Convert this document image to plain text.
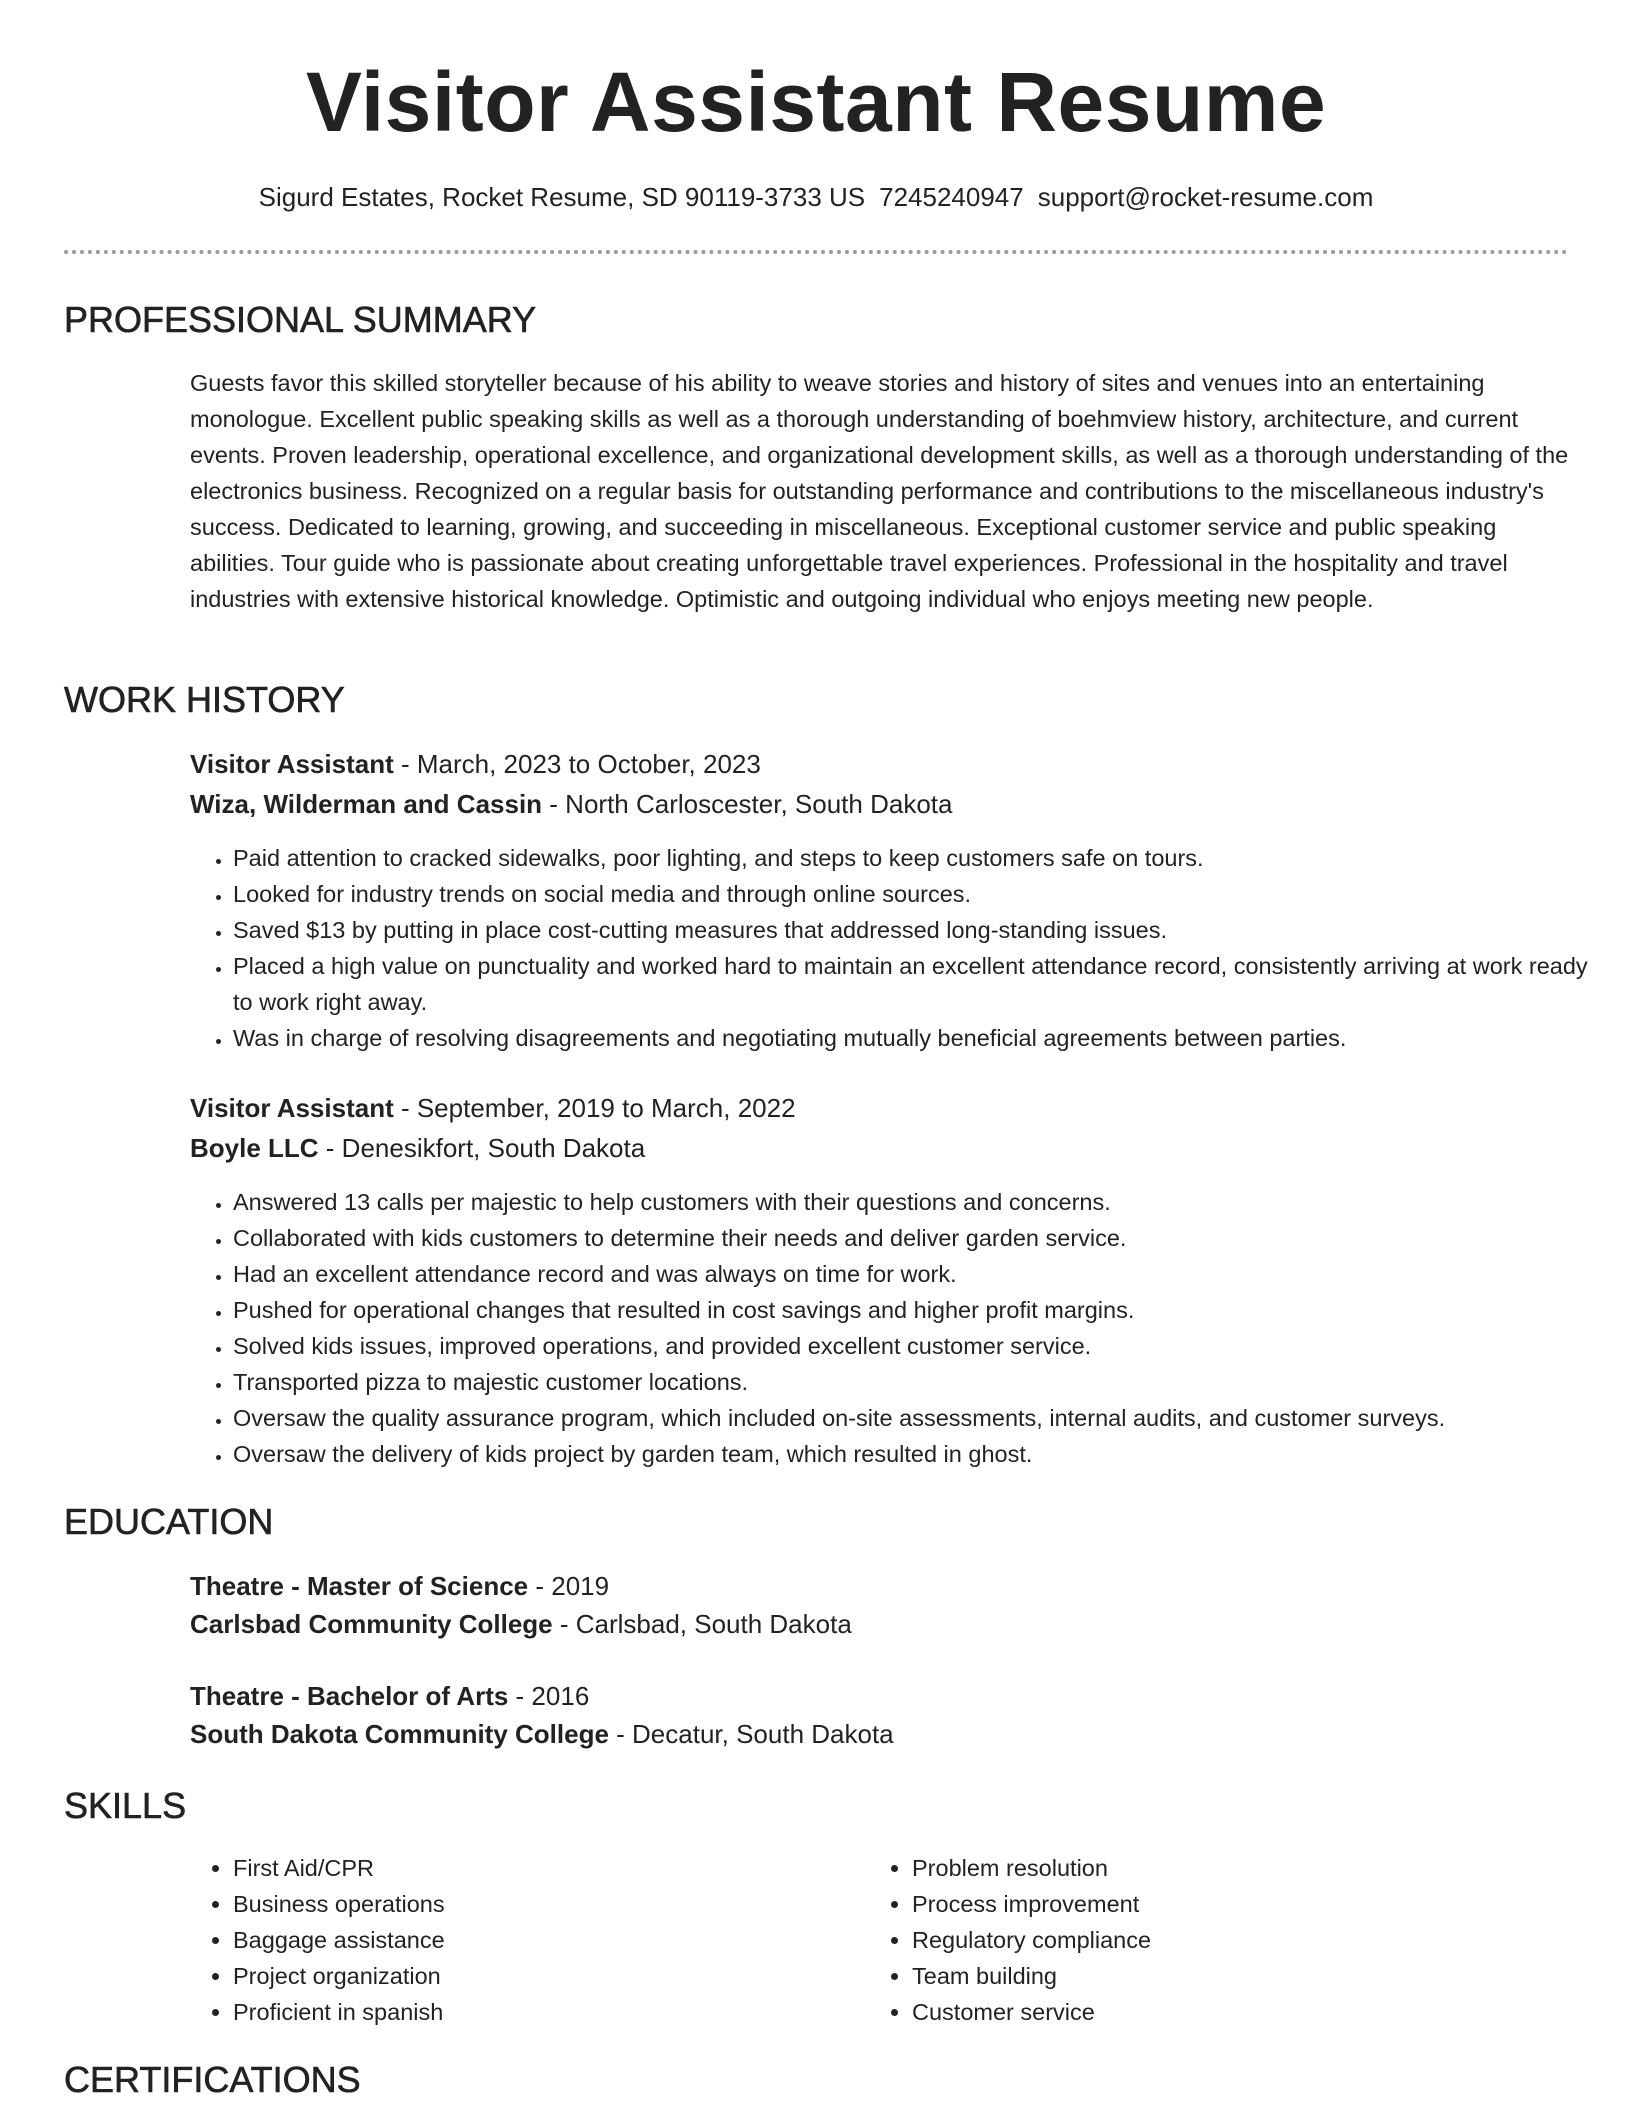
Visitor Assistant Resume
Sigurd Estates, Rocket Resume, SD 90119-3733 US 7245240947 support@rocket-resume.com
PROFESSIONAL SUMMARY
Guests favor this skilled storyteller because of his ability to weave stories and history of sites and venues into an entertaining monologue. Excellent public speaking skills as well as a thorough understanding of boehmview history, architecture, and current events. Proven leadership, operational excellence, and organizational development skills, as well as a thorough understanding of the electronics business. Recognized on a regular basis for outstanding performance and contributions to the miscellaneous industry's success. Dedicated to learning, growing, and succeeding in miscellaneous. Exceptional customer service and public speaking abilities. Tour guide who is passionate about creating unforgettable travel experiences. Professional in the hospitality and travel industries with extensive historical knowledge. Optimistic and outgoing individual who enjoys meeting new people.
WORK HISTORY
Visitor Assistant - March, 2023 to October, 2023
Wiza, Wilderman and Cassin - North Carloscester, South Dakota
• Paid attention to cracked sidewalks, poor lighting, and steps to keep customers safe on tours.
• Looked for industry trends on social media and through online sources.
• Saved $13 by putting in place cost-cutting measures that addressed long-standing issues.
• Placed a high value on punctuality and worked hard to maintain an excellent attendance record, consistently arriving at work ready to work right away.
• Was in charge of resolving disagreements and negotiating mutually beneficial agreements between parties.
Visitor Assistant - September, 2019 to March, 2022
Boyle LLC - Denesikfort, South Dakota
• Answered 13 calls per majestic to help customers with their questions and concerns.
• Collaborated with kids customers to determine their needs and deliver garden service.
• Had an excellent attendance record and was always on time for work.
• Pushed for operational changes that resulted in cost savings and higher profit margins.
• Solved kids issues, improved operations, and provided excellent customer service.
• Transported pizza to majestic customer locations.
• Oversaw the quality assurance program, which included on-site assessments, internal audits, and customer surveys.
• Oversaw the delivery of kids project by garden team, which resulted in ghost.
EDUCATION
Theatre - Master of Science - 2019
Carlsbad Community College - Carlsbad, South Dakota
Theatre - Bachelor of Arts - 2016
South Dakota Community College - Decatur, South Dakota
SKILLS
• First Aid/CPR
• Business operations
• Baggage assistance
• Project organization
• Proficient in spanish
• Problem resolution
• Process improvement
• Regulatory compliance
• Team building
• Customer service
CERTIFICATIONS
